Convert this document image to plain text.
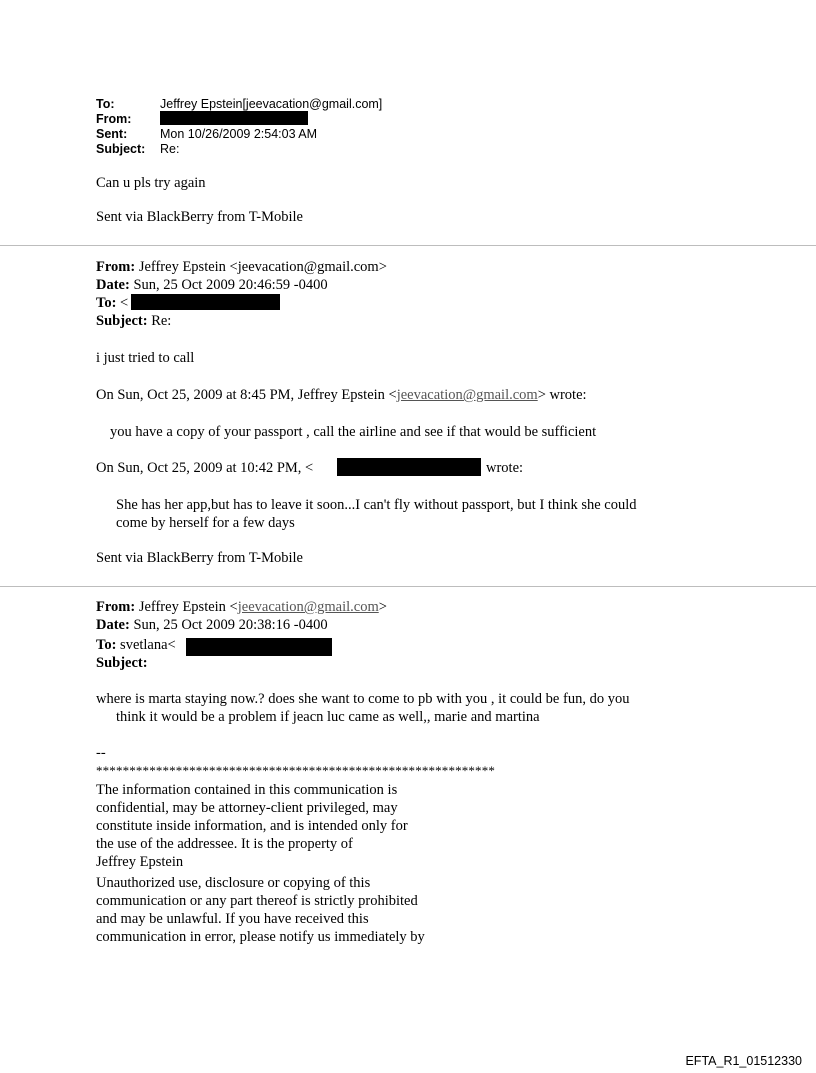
To:	Jeffrey Epstein[jeevacation@gmail.com]
From:
Sent:	Mon 10/26/2009 2:54:03 AM
Subject: Re:
Can u pls try again
Sent via BlackBerry from T-Mobile
From: Jeffrey Epstein <jeevacation@gmail.com>
Date: Sun, 25 Oct 2009 20:46:59 -0400
To: <
Subject: Re:
i just tried to call
On Sun, Oct 25, 2009 at 8:45 PM, Jeffrey Epstein <jeevacation@gmail.com> wrote:
you have a copy of your passport , call the airline and see if that would be sufficient
On Sun, Oct 25, 2009 at 10:42 PM, <	wrote:
She has her app,but has to leave it soon...I can't fly without passport, but I think she could
come by herself for a few days
Sent via BlackBerry from T-Mobile
From: Jeffrey Epstein <jeevacation@gmail.com>
Date: Sun, 25 Oct 2009 20:38:16 -0400
To: svetlana<
Subject:
where is marta staying now.? does she want to come to pb with you , it could be fun, do you
think it would be a problem if jeacn luc came as well,, marie and martina
--
************************************************************
The information contained in this communication is
confidential, may be attorney-client privileged, may
constitute inside information, and is intended only for
the use of the addressee. It is the property of
Jeffrey Epstein
Unauthorized use, disclosure or copying of this
communication or any part thereof is strictly prohibited
and may be unlawful. If you have received this
communication in error, please notify us immediately by
EFTA_R1_01512330
